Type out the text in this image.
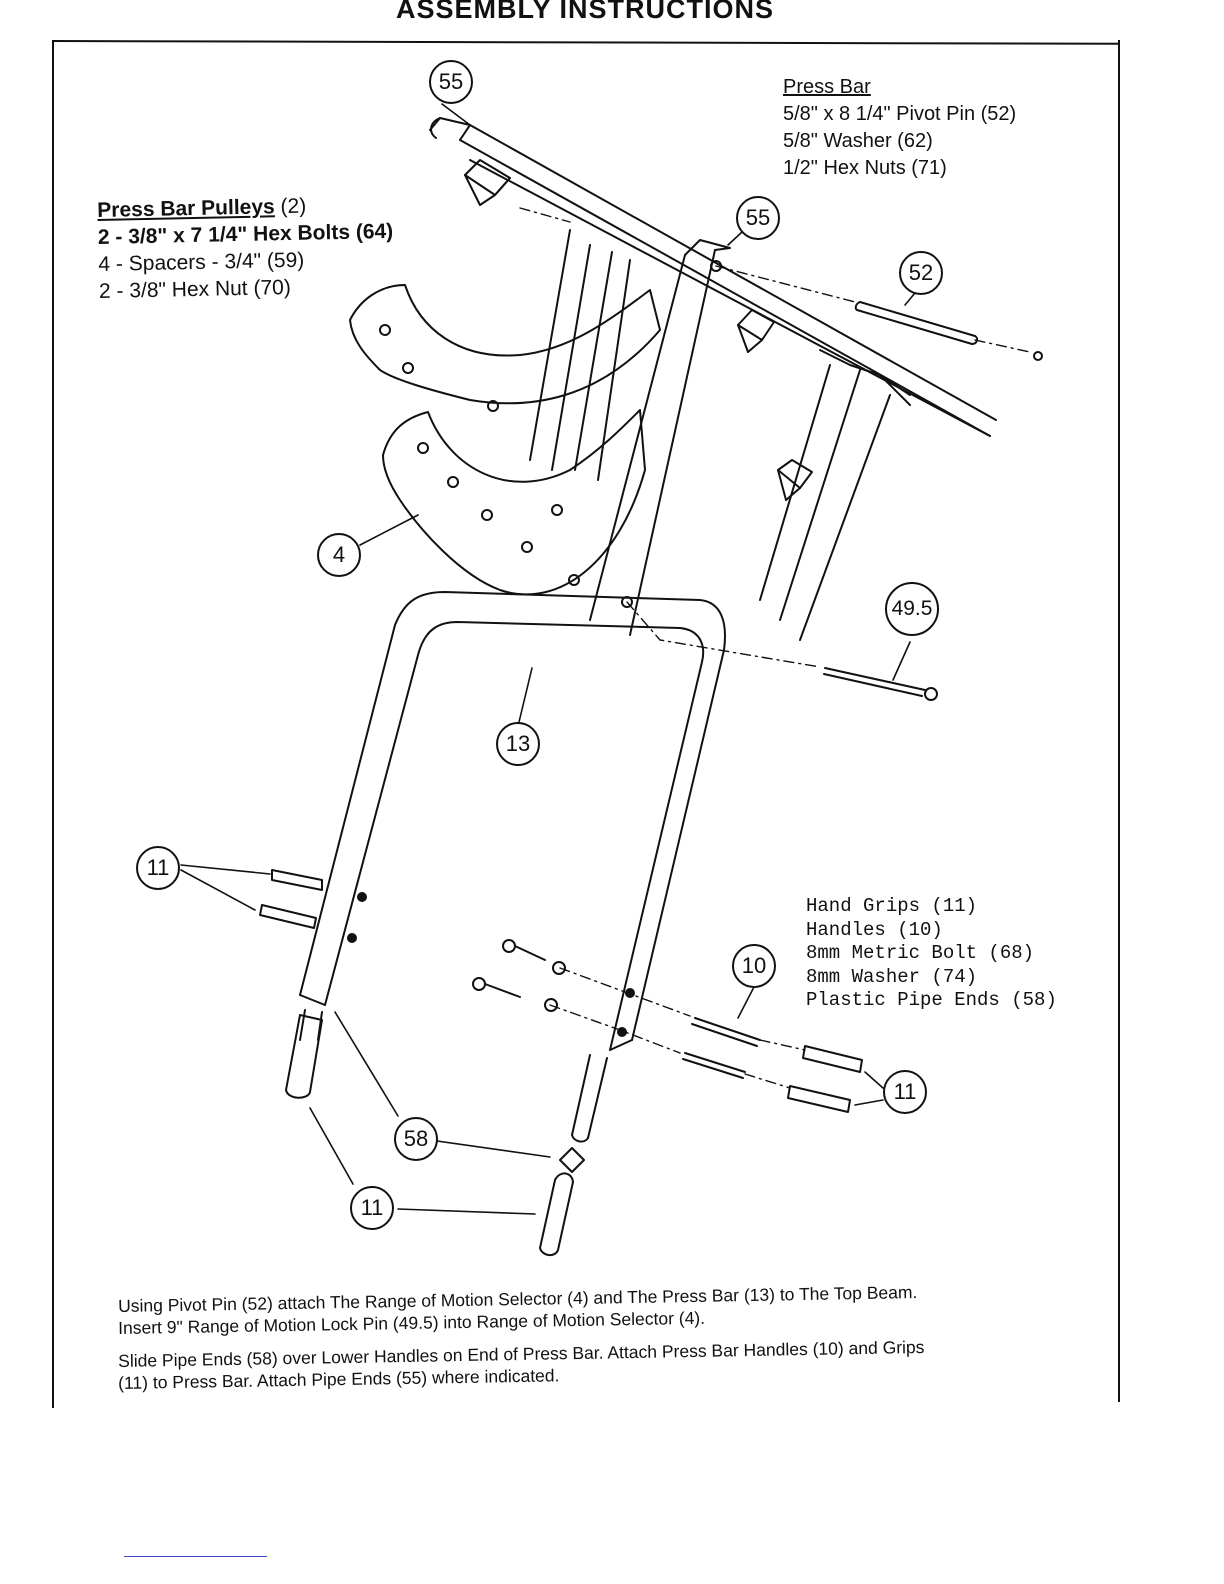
ASSEMBLY INSTRUCTIONS
Press Bar Pulleys (2)
2 - 3/8" x 7 1/4" Hex Bolts (64)
4 - Spacers - 3/4" (59)
2 - 3/8" Hex Nut (70)
Press Bar
5/8" x 8 1/4" Pivot Pin (52)
5/8" Washer (62)
1/2" Hex Nuts (71)
Hand Grips (11)
Handles (10)
8mm Metric Bolt (68)
8mm Washer (74)
Plastic Pipe Ends (58)
55
55
52
4
49.5
13
11
10
11
58
11
Using Pivot Pin (52) attach The Range of Motion Selector (4) and The Press Bar (13) to The Top Beam.
Insert 9" Range of Motion Lock Pin (49.5) into Range of Motion Selector (4).
Slide Pipe Ends (58) over Lower Handles on End of Press Bar. Attach Press Bar Handles (10) and Grips
(11) to Press Bar. Attach Pipe Ends (55) where indicated.
